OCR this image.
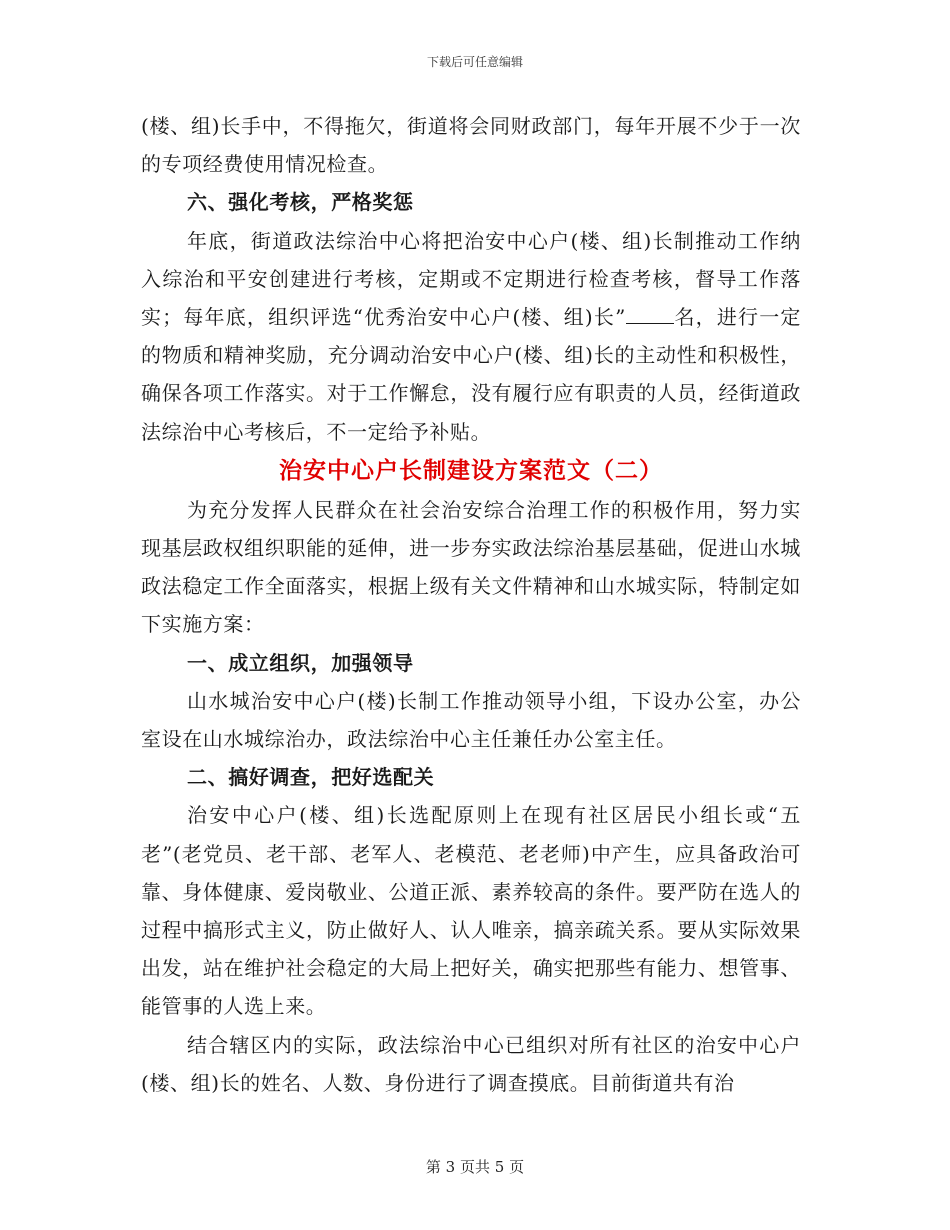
下载后可任意编辑

(楼、组)长手中，不得拖欠，街道将会同财政部门，每年开展不少于一次的专项经费使用情况检查。

六、强化考核，严格奖惩

年底，街道政法综治中心将把治安中心户(楼、组)长制推动工作纳入综治和平安创建进行考核，定期或不定期进行检查考核，督导工作落实；每年底，组织评选“优秀治安中心户(楼、组)长” 名，进行一定的物质和精神奖励，充分调动治安中心户(楼、组)长的主动性和积极性，确保各项工作落实。对于工作懈怠，没有履行应有职责的人员，经街道政法综治中心考核后，不一定给予补贴。

治安中心户长制建设方案范文（二）

为充分发挥人民群众在社会治安综合治理工作的积极作用，努力实现基层政权组织职能的延伸，进一步夯实政法综治基层基础，促进山水城政法稳定工作全面落实，根据上级有关文件精神和山水城实际，特制定如下实施方案：

一、成立组织，加强领导

山水城治安中心户(楼)长制工作推动领导小组，下设办公室，办公室设在山水城综治办，政法综治中心主任兼任办公室主任。

二、搞好调查，把好选配关

治安中心户(楼、组)长选配原则上在现有社区居民小组长或“五老”(老党员、老干部、老军人、老模范、老老师)中产生，应具备政治可靠、身体健康、爱岗敬业、公道正派、素养较高的条件。要严防在选人的过程中搞形式主义，防止做好人、认人唯亲，搞亲疏关系。要从实际效果出发，站在维护社会稳定的大局上把好关，确实把那些有能力、想管事、能管事的人选上来。

结合辖区内的实际，政法综治中心已组织对所有社区的治安中心户(楼、组)长的姓名、人数、身份进行了调查摸底。目前街道共有治

第 3 页共 5 页
